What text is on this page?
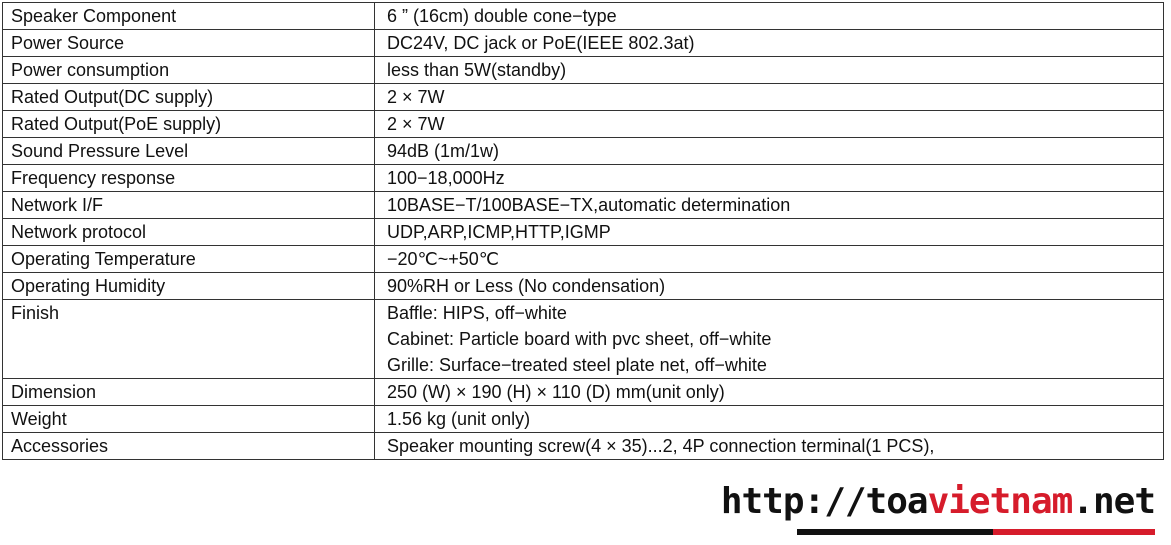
Speaker Component	6 ” (16cm) double cone−type

Power Source	DC24V, DC jack or PoE(IEEE 802.3at)

Power consumption	less than 5W(standby)

Rated Output(DC supply)	2 × 7W

Rated Output(PoE supply)	2 × 7W

Sound Pressure Level	94dB (1m/1w)

Frequency response	100−18,000Hz

Network I/F	10BASE−T/100BASE−TX,automatic determination

Network protocol	UDP,ARP,ICMP,HTTP,IGMP

Operating Temperature	−20℃~+50℃

Operating Humidity	90%RH or Less (No condensation)

Finish	Baffle: HIPS, off−white
Cabinet: Particle board with pvc sheet, off−white
Grille: Surface−treated steel plate net, off−white

Dimension	250 (W) × 190 (H) × 110 (D) mm(unit only)

Weight	1.56 kg (unit only)

Accessories	Speaker mounting screw(4 × 35)...2, 4P connection terminal(1 PCS),
http://toavietnam.net
